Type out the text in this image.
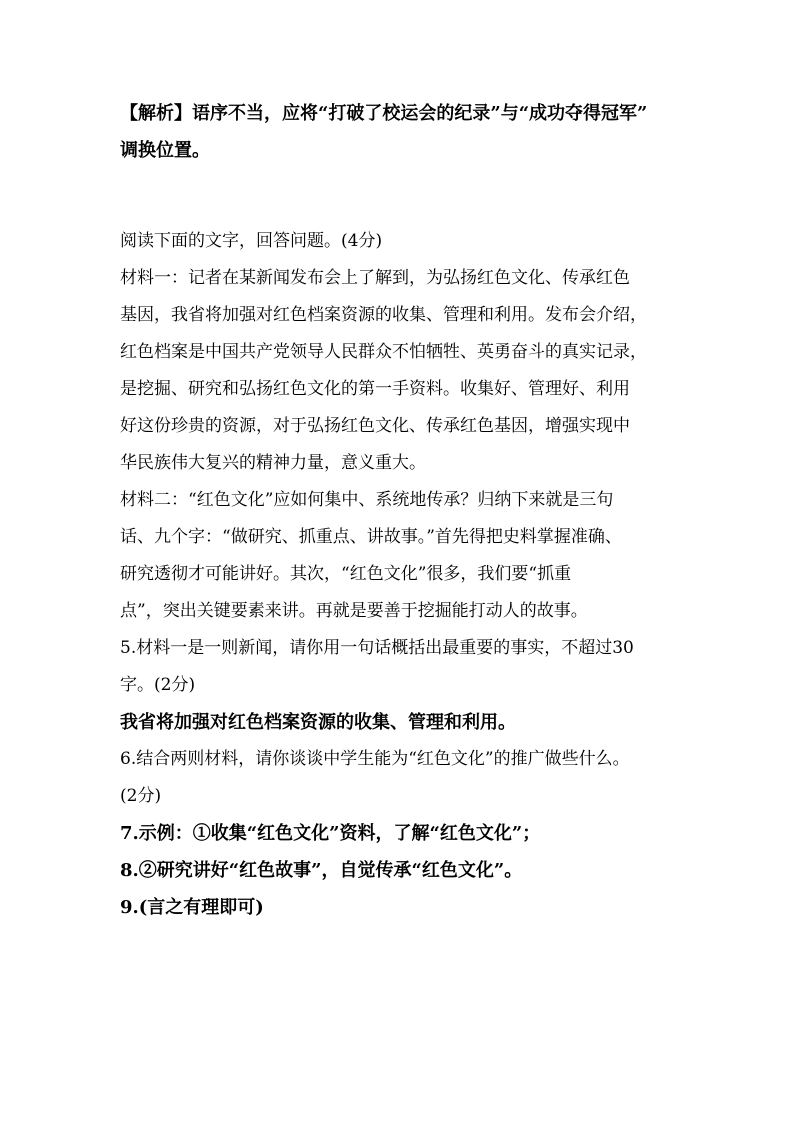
【解析】语序不当，应将“打破了校运会的纪录”与“成功夺得冠军”
调换位置。
阅读下面的文字，回答问题。(4分)
材料一：记者在某新闻发布会上了解到，为弘扬红色文化、传承红色
基因，我省将加强对红色档案资源的收集、管理和利用。发布会介绍，
红色档案是中国共产党领导人民群众不怕牺牲、英勇奋斗的真实记录，
是挖掘、研究和弘扬红色文化的第一手资料。收集好、管理好、利用
好这份珍贵的资源，对于弘扬红色文化、传承红色基因，增强实现中
华民族伟大复兴的精神力量，意义重大。
材料二：“红色文化”应如何集中、系统地传承？归纳下来就是三句
话、九个字：“做研究、抓重点、讲故事。”首先得把史料掌握准确、
研究透彻才可能讲好。其次，“红色文化”很多，我们要“抓重
点”，突出关键要素来讲。再就是要善于挖掘能打动人的故事。
5.材料一是一则新闻，请你用一句话概括出最重要的事实，不超过30
字。(2分)
我省将加强对红色档案资源的收集、管理和利用。
6.结合两则材料，请你谈谈中学生能为“红色文化”的推广做些什么。
(2分)
7.示例：①收集“红色文化”资料，了解“红色文化”；
8.②研究讲好“红色故事”，自觉传承“红色文化”。
9.(言之有理即可)
